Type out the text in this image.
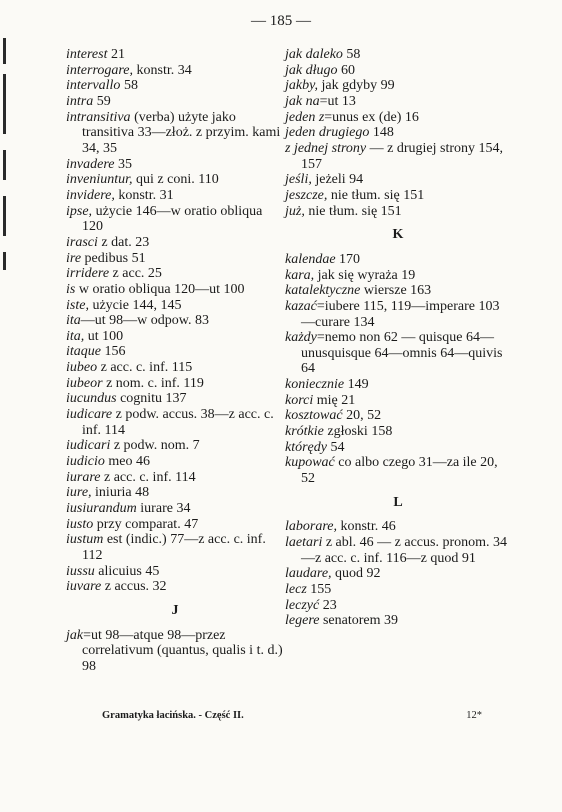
— 185 —
interest 21
interrogare, konstr. 34
intervallo 58
intra 59
intransitiva (verba) użyte jako transitiva 33—złoż. z przyim. kami 34, 35
invadere 35
inveniuntur, qui z coni. 110
invidere, konstr. 31
ipse, użycie 146—w oratio obliqua 120
irasci z dat. 23
ire pedibus 51
irridere z acc. 25
is w oratio obliqua 120—ut 100
iste, użycie 144, 145
ita—ut 98—w odpow. 83
ita, ut 100
itaque 156
iubeo z acc. c. inf. 115
iubeor z nom. c. inf. 119
iucundus cognitu 137
iudicare z podw. accus. 38—z acc. c. inf. 114
iudicari z podw. nom. 7
iudicio meo 46
iurare z acc. c. inf. 114
iure, iniuria 48
iusiurandum iurare 34
iusto przy comparat. 47
iustum est (indic.) 77—z acc. c. inf. 112
iussu alicuius 45
iuvare z accus. 32
J
jak=ut 98—atque 98—przez correlativum (quantus, qualis i t. d.) 98
jak daleko 58
jak długo 60
jakby, jak gdyby 99
jak na=ut 13
jeden z=unus ex (de) 16
jeden drugiego 148
z jednej strony — z drugiej strony 154, 157
jeśli, jeżeli 94
jeszcze, nie tłum. się 151
już, nie tłum. się 151
K
kalendae 170
kara, jak się wyraża 19
katalektyczne wiersze 163
kazać=iubere 115, 119—imperare 103—curare 134
każdy=nemo non 62 — quisque 64—unusquisque 64—omnis 64—quivis 64
koniecznie 149
korci mię 21
kosztować 20, 52
krótkie zgłoski 158
którędy 54
kupować co albo czego 31—za ile 20, 52
L
laborare, konstr. 46
laetari z abl. 46 — z accus. pronom. 34—z acc. c. inf. 116—z quod 91
laudare, quod 92
lecz 155
leczyć 23
legere senatorem 39
Gramatyka łacińska. - Część II.	12*
